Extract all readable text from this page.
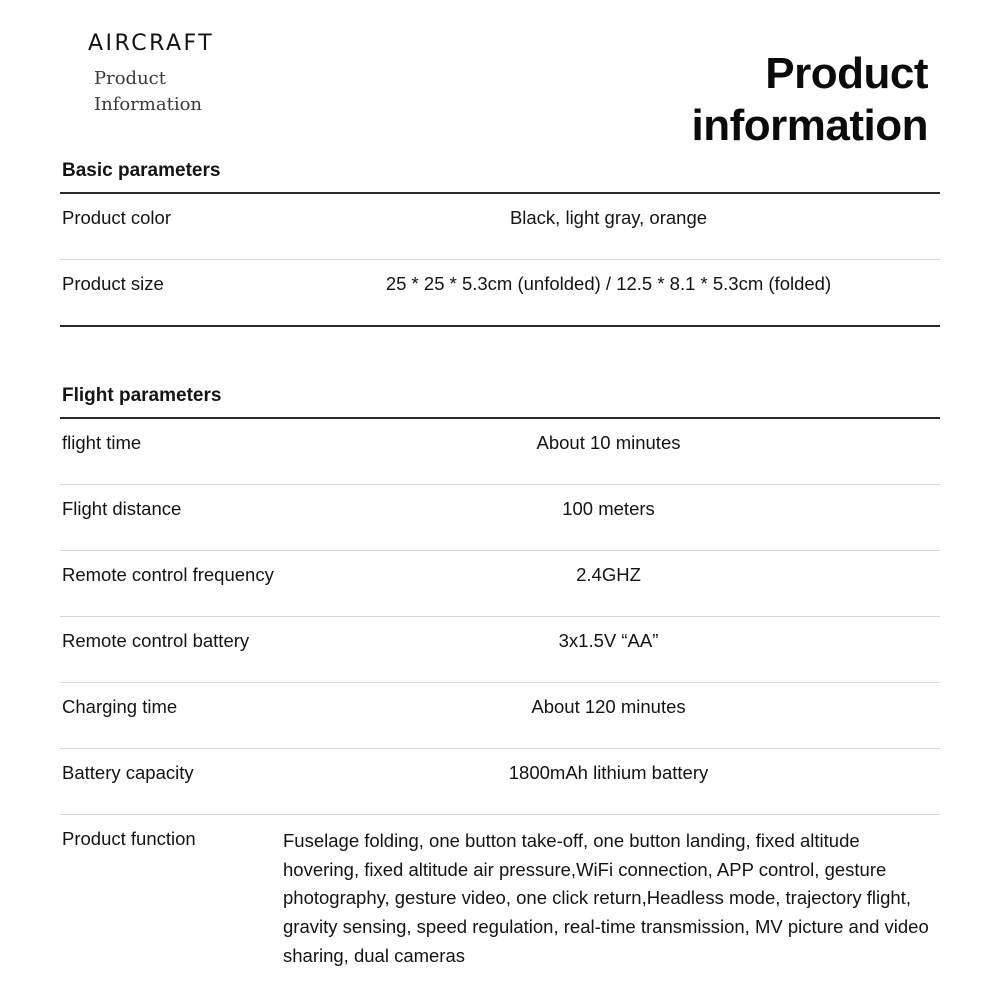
AIRCRAFT
Product
Information
Product
information
Basic parameters
Product color	Black, light gray, orange
Product size	25 * 25 * 5.3cm (unfolded) / 12.5 * 8.1 * 5.3cm (folded)
Flight parameters
flight time	About 10 minutes
Flight distance	100 meters
Remote control frequency	2.4GHZ
Remote control battery	3x1.5V “AA”
Charging time	About 120 minutes
Battery capacity	1800mAh lithium battery
Product function	Fuselage folding, one button take-off, one button landing, fixed altitude hovering, fixed altitude air pressure,WiFi connection, APP control, gesture photography, gesture video, one click return,Headless mode, trajectory flight, gravity sensing, speed regulation, real-time transmission, MV picture and video sharing, dual cameras
